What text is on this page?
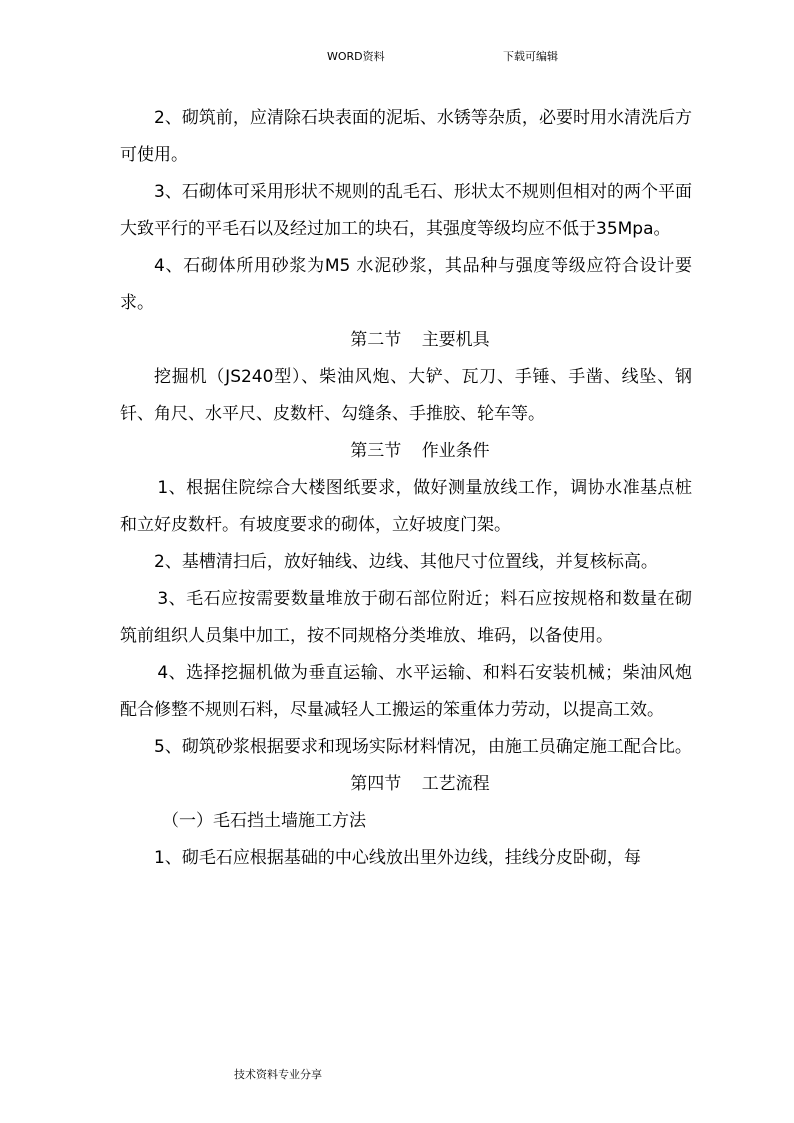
WORD资料	下载可编辑

2、砌筑前，应清除石块表面的泥垢、水锈等杂质，必要时用水清洗后方可使用。

3、石砌体可采用形状不规则的乱毛石、形状太不规则但相对的两个平面大致平行的平毛石以及经过加工的块石，其强度等级均应不低于35Mpa。

4、石砌体所用砂浆为M5 水泥砂浆，其品种与强度等级应符合设计要求。

第二节 主要机具

挖掘机（JS240型）、柴油风炮、大铲、瓦刀、手锤、手凿、线坠、钢钎、角尺、水平尺、皮数杆、勾缝条、手推胶、轮车等。

第三节 作业条件

1、根据住院综合大楼图纸要求，做好测量放线工作，调协水准基点桩和立好皮数杆。有坡度要求的砌体，立好坡度门架。

2、基槽清扫后，放好轴线、边线、其他尺寸位置线，并复核标高。

3、毛石应按需要数量堆放于砌石部位附近；料石应按规格和数量在砌筑前组织人员集中加工，按不同规格分类堆放、堆码，以备使用。

4、选择挖掘机做为垂直运输、水平运输、和料石安装机械；柴油风炮配合修整不规则石料，尽量减轻人工搬运的笨重体力劳动，以提高工效。

5、砌筑砂浆根据要求和现场实际材料情况，由施工员确定施工配合比。

第四节 工艺流程

（一）毛石挡土墙施工方法

1、砌毛石应根据基础的中心线放出里外边线，挂线分皮卧砌，每

技术资料专业分享
